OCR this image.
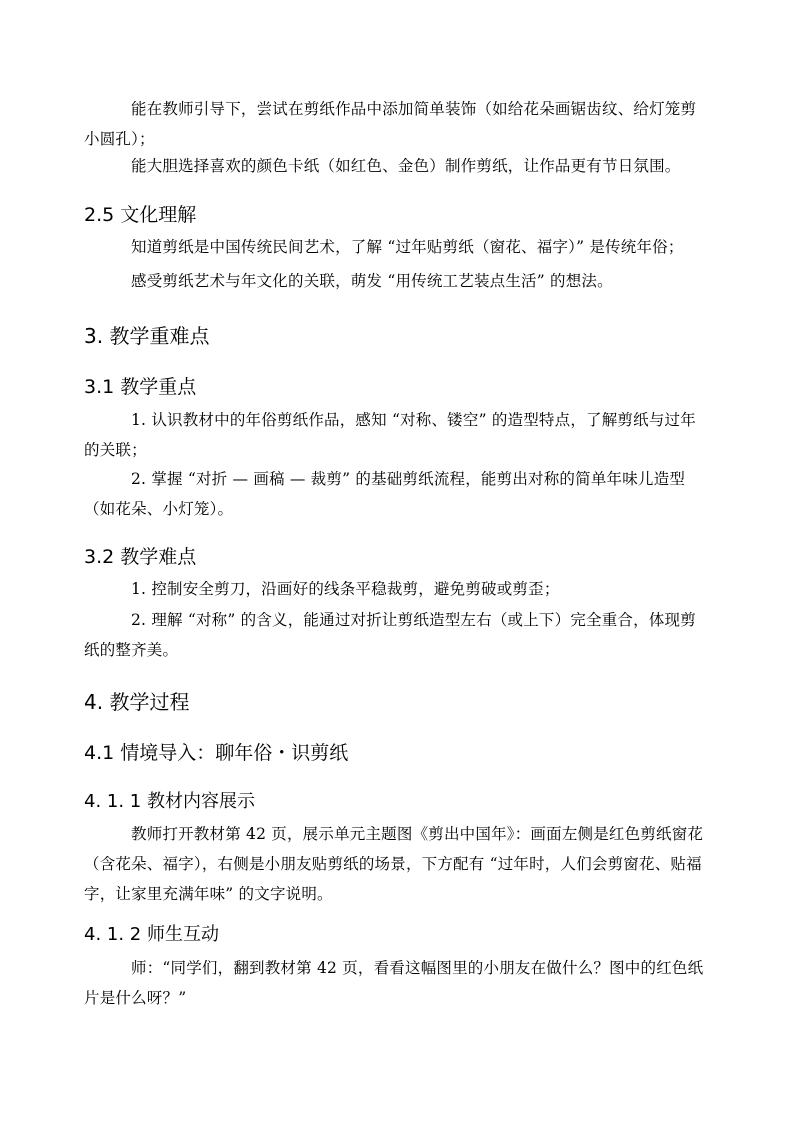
能在教师引导下，尝试在剪纸作品中添加简单装饰（如给花朵画锯齿纹、给灯笼剪小圆孔）；

能大胆选择喜欢的颜色卡纸（如红色、金色）制作剪纸，让作品更有节日氛围。

2.5 文化理解

知道剪纸是中国传统民间艺术，了解 “过年贴剪纸（窗花、福字）” 是传统年俗；

感受剪纸艺术与年文化的关联，萌发 “用传统工艺装点生活” 的想法。

3. 教学重难点
3.1 教学重点

1. 认识教材中的年俗剪纸作品，感知 “对称、镂空” 的造型特点，了解剪纸与过年的关联；

2. 掌握 “对折 — 画稿 — 裁剪” 的基础剪纸流程，能剪出对称的简单年味儿造型（如花朵、小灯笼）。

3.2 教学难点

1. 控制安全剪刀，沿画好的线条平稳裁剪，避免剪破或剪歪；

2. 理解 “对称” 的含义，能通过对折让剪纸造型左右（或上下）完全重合，体现剪纸的整齐美。

4. 教学过程
4.1 情境导入：聊年俗・识剪纸
4. 1. 1 教材内容展示

教师打开教材第 42 页，展示单元主题图《剪出中国年》：画面左侧是红色剪纸窗花（含花朵、福字），右侧是小朋友贴剪纸的场景，下方配有 “过年时，人们会剪窗花、贴福字，让家里充满年味” 的文字说明。

4. 1. 2 师生互动

师：“同学们，翻到教材第 42 页，看看这幅图里的小朋友在做什么？图中的红色纸片是什么呀？”
